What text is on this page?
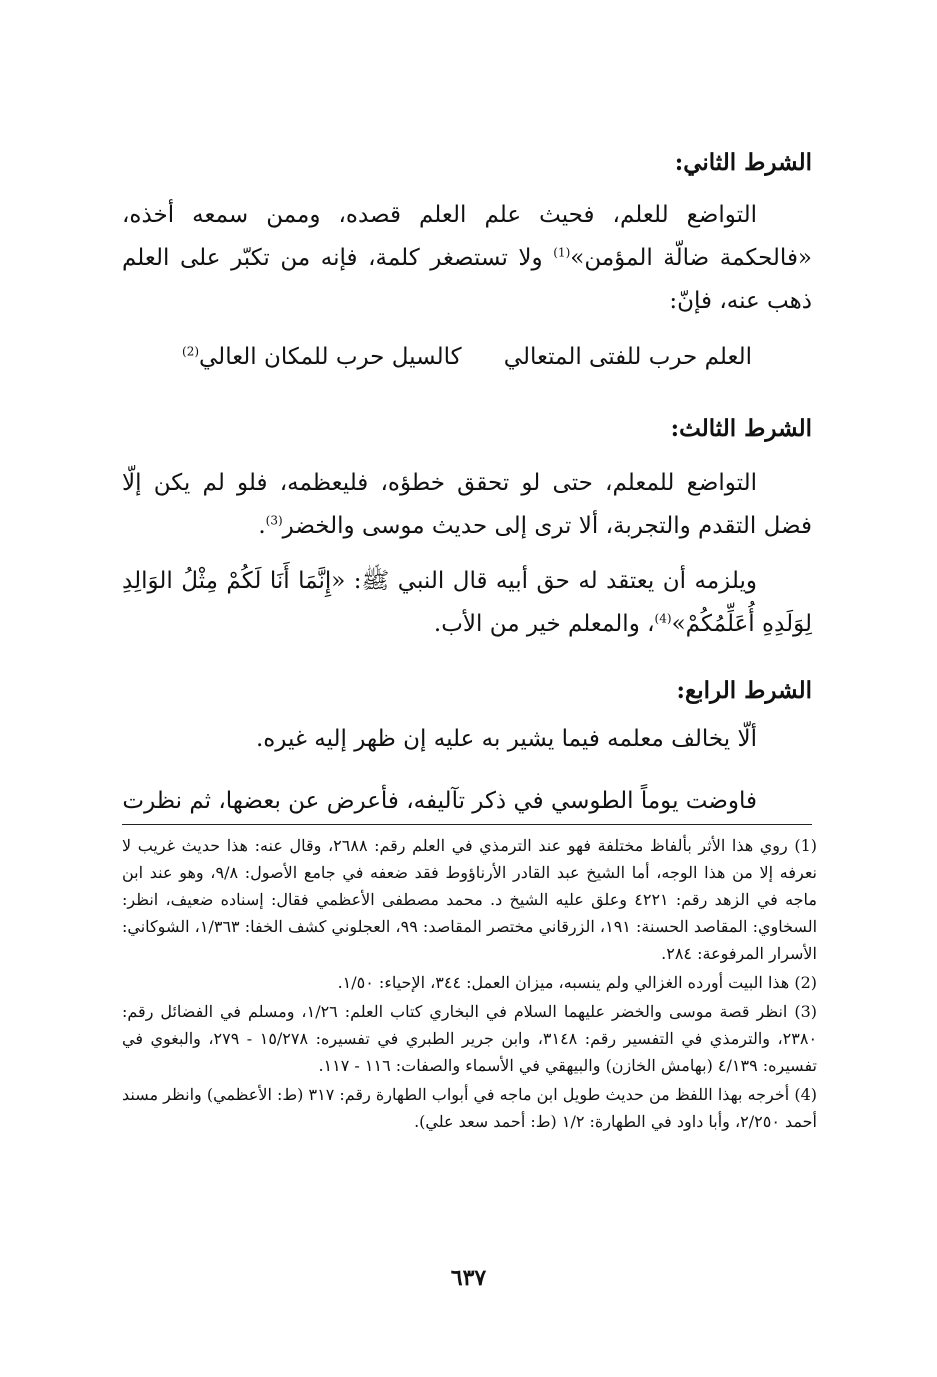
الشرط الثاني:

التواضع للعلم، فحيث علم العلم قصده، وممن سمعه أخذه، «فالحكمة ضالّة المؤمن»$^{(1)}$ ولا تستصغر كلمة، فإنه من تكبّر على العلم ذهب عنه، فإنّ:

العلم حرب للفتى المتعالي
كالسيل حرب للمكان العالي$^{(2)}$
الشرط الثالث:

التواضع للمعلم، حتى لو تحقق خطؤه، فليعظمه، فلو لم يكن إلّا فضل التقدم والتجربة، ألا ترى إلى حديث موسى والخضر$^{(3)}$.

ويلزمه أن يعتقد له حق أبيه قال النبي ﷺ: «إِنَّمَا أَنَا لَكُمْ مِثْلُ الوَالِدِ لِوَلَدِهِ أُعَلِّمُكُمْ»$^{(4)}$، والمعلم خير من الأب.

الشرط الرابع:

ألّا يخالف معلمه فيما يشير به عليه إن ظهر إليه غيره.

فاوضت يوماً الطوسي في ذكر تآليفه، فأعرض عن بعضها، ثم نظرت

(1) روي هذا الأثر بألفاظ مختلفة فهو عند الترمذي في العلم رقم: ٢٦٨٨، وقال عنه: هذا حديث غريب لا نعرفه إلا من هذا الوجه، أما الشيخ عبد القادر الأرناؤوط فقد ضعفه في جامع الأصول: ٩/٨، وهو عند ابن ماجه في الزهد رقم: ٤٢٢١ وعلق عليه الشيخ د. محمد مصطفى الأعظمي فقال: إسناده ضعيف، انظر: السخاوي: المقاصد الحسنة: ١٩١، الزرقاني مختصر المقاصد: ٩٩، العجلوني كشف الخفا: ١/٣٦٣، الشوكاني: الأسرار المرفوعة: ٢٨٤.

(2) هذا البيت أورده الغزالي ولم ينسبه، ميزان العمل: ٣٤٤، الإحياء: ١/٥٠.

(3) انظر قصة موسى والخضر عليهما السلام في البخاري كتاب العلم: ١/٢٦، ومسلم في الفضائل رقم: ٢٣٨٠، والترمذي في التفسير رقم: ٣١٤٨، وابن جرير الطبري في تفسيره: ١٥/٢٧٨ - ٢٧٩، والبغوي في تفسيره: ٤/١٣٩ (بهامش الخازن) والبيهقي في الأسماء والصفات: ١١٦ - ١١٧.

(4) أخرجه بهذا اللفظ من حديث طويل ابن ماجه في أبواب الطهارة رقم: ٣١٧ (ط: الأعظمي) وانظر مسند أحمد ٢/٢٥٠، وأبا داود في الطهارة: ١/٢ (ط: أحمد سعد علي).

٦٣٧
